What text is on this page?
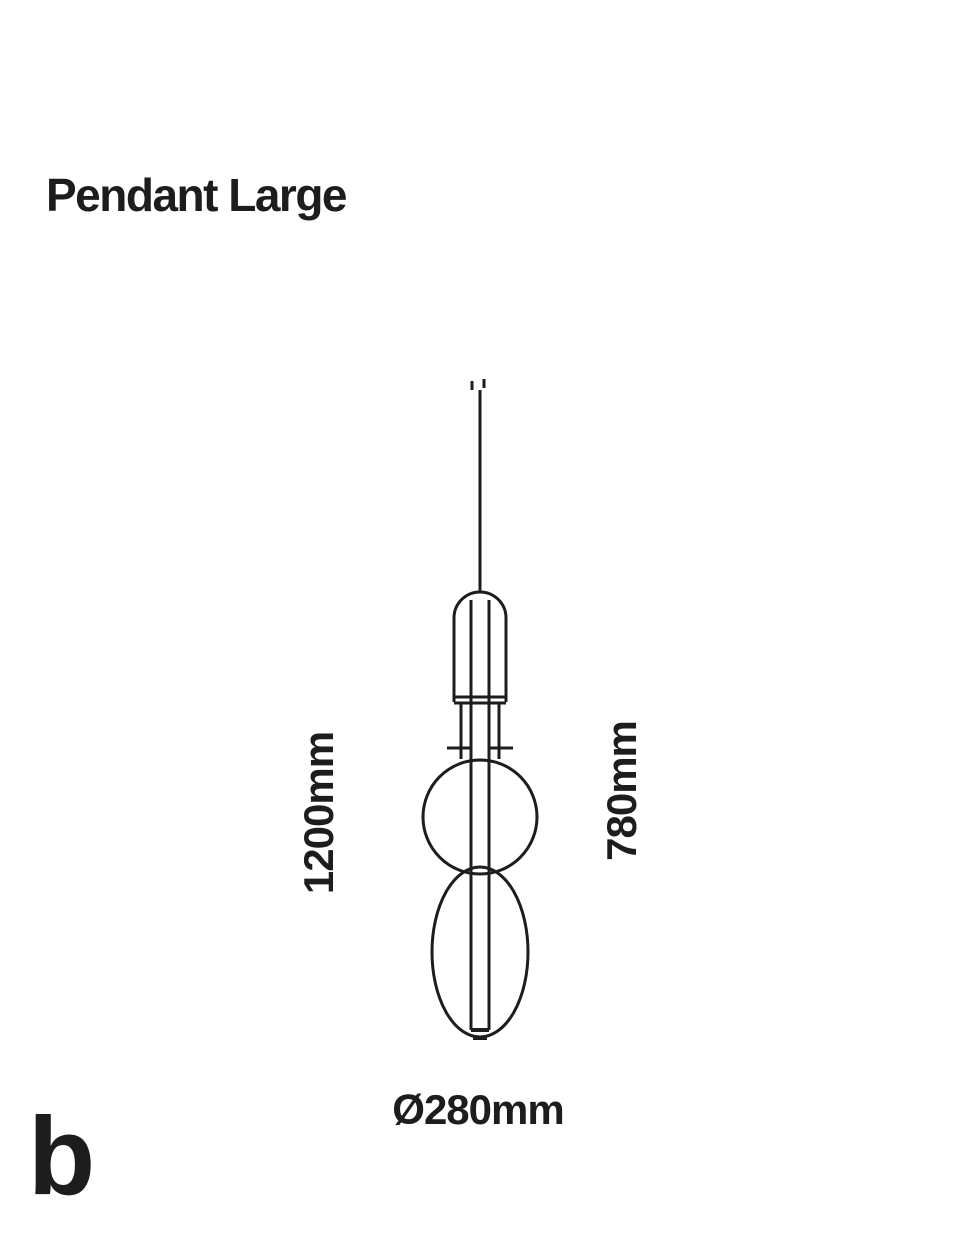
Pendant Large
1200mm	780mm
Ø280mm
b
